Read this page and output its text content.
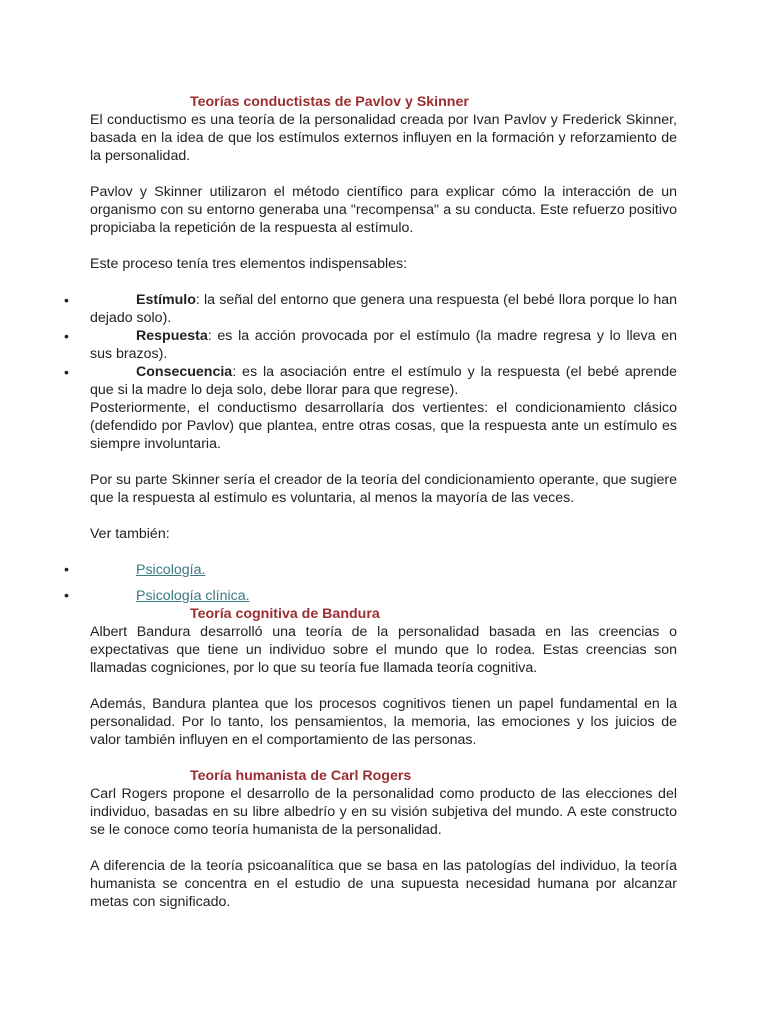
Teorías conductistas de Pavlov y Skinner

El conductismo es una teoría de la personalidad creada por Ivan Pavlov y Frederick Skinner, basada en la idea de que los estímulos externos influyen en la formación y reforzamiento de la personalidad.

Pavlov y Skinner utilizaron el método científico para explicar cómo la interacción de un organismo con su entorno generaba una "recompensa" a su conducta. Este refuerzo positivo propiciaba la repetición de la respuesta al estímulo.

Este proceso tenía tres elementos indispensables:

•	Estímulo: la señal del entorno que genera una respuesta (el bebé llora porque lo han dejado solo).
•	Respuesta: es la acción provocada por el estímulo (la madre regresa y lo lleva en sus brazos).
•	Consecuencia: es la asociación entre el estímulo y la respuesta (el bebé aprende que si la madre lo deja solo, debe llorar para que regrese).

Posteriormente, el conductismo desarrollaría dos vertientes: el condicionamiento clásico (defendido por Pavlov) que plantea, entre otras cosas, que la respuesta ante un estímulo es siempre involuntaria.

Por su parte Skinner sería el creador de la teoría del condicionamiento operante, que sugiere que la respuesta al estímulo es voluntaria, al menos la mayoría de las veces.

Ver también:

•	Psicología.
•	Psicología clínica.
Teoría cognitiva de Bandura

Albert Bandura desarrolló una teoría de la personalidad basada en las creencias o expectativas que tiene un individuo sobre el mundo que lo rodea. Estas creencias son llamadas cogniciones, por lo que su teoría fue llamada teoría cognitiva.

Además, Bandura plantea que los procesos cognitivos tienen un papel fundamental en la personalidad. Por lo tanto, los pensamientos, la memoria, las emociones y los juicios de valor también influyen en el comportamiento de las personas.

Teoría humanista de Carl Rogers

Carl Rogers propone el desarrollo de la personalidad como producto de las elecciones del individuo, basadas en su libre albedrío y en su visión subjetiva del mundo. A este constructo se le conoce como teoría humanista de la personalidad.

A diferencia de la teoría psicoanalítica que se basa en las patologías del individuo, la teoría humanista se concentra en el estudio de una supuesta necesidad humana por alcanzar metas con significado.
